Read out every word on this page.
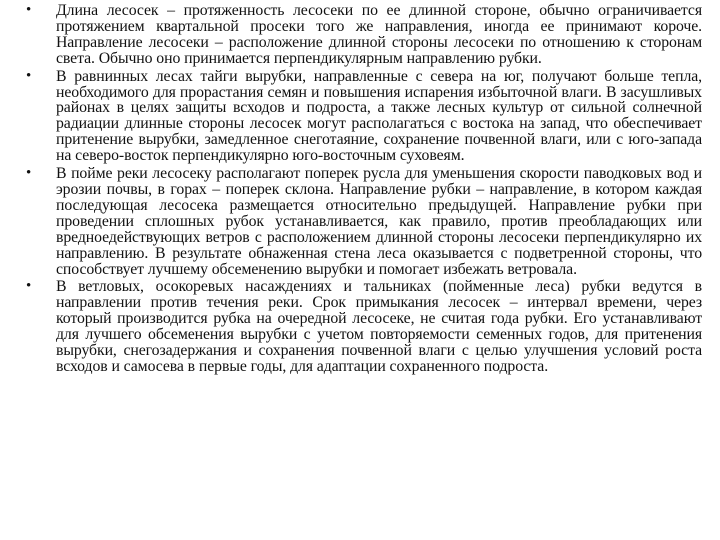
• Длина лесосек – протяженность лесосеки по ее длинной стороне, обычно ограничивается протяжением квартальной просеки того же направления, иногда ее принимают короче. Направление лесосеки – расположение длинной стороны лесосеки по отношению к сторонам света. Обычно оно принимается перпендикулярным направлению рубки.
• В равнинных лесах тайги вырубки, направленные с севера на юг, получают больше тепла, необходимого для прорастания семян и повышения испарения избыточной влаги. В засушливых районах в целях защиты всходов и подроста, а также лесных культур от сильной солнечной радиации длинные стороны лесосек могут располагаться с востока на запад, что обеспечивает притенение вырубки, замедленное снеготаяние, сохранение почвенной влаги, или с юго-запада на северо-восток перпендикулярно юго-восточным суховеям.
• В пойме реки лесосеку располагают поперек русла для уменьшения скорости паводковых вод и эрозии почвы, в горах – поперек склона. Направление рубки – направление, в котором каждая последующая лесосека размещается относительно предыдущей. Направление рубки при проведении сплошных рубок устанавливается, как правило, против преобладающих или вредноедействующих ветров с расположением длинной стороны лесосеки перпендикулярно их направлению. В результате обнаженная стена леса оказывается с подветренной стороны, что способствует лучшему обсеменению вырубки и помогает избежать ветровала.
• В ветловых, осокоревых насаждениях и тальниках (пойменные леса) рубки ведутся в направлении против течения реки. Срок примыкания лесосек – интервал времени, через который производится рубка на очередной лесосеке, не считая года рубки. Его устанавливают для лучшего обсеменения вырубки с учетом повторяемости семенных годов, для притенения вырубки, снегозадержания и сохранения почвенной влаги с целью улучшения условий роста всходов и самосева в первые годы, для адаптации сохраненного подроста.
